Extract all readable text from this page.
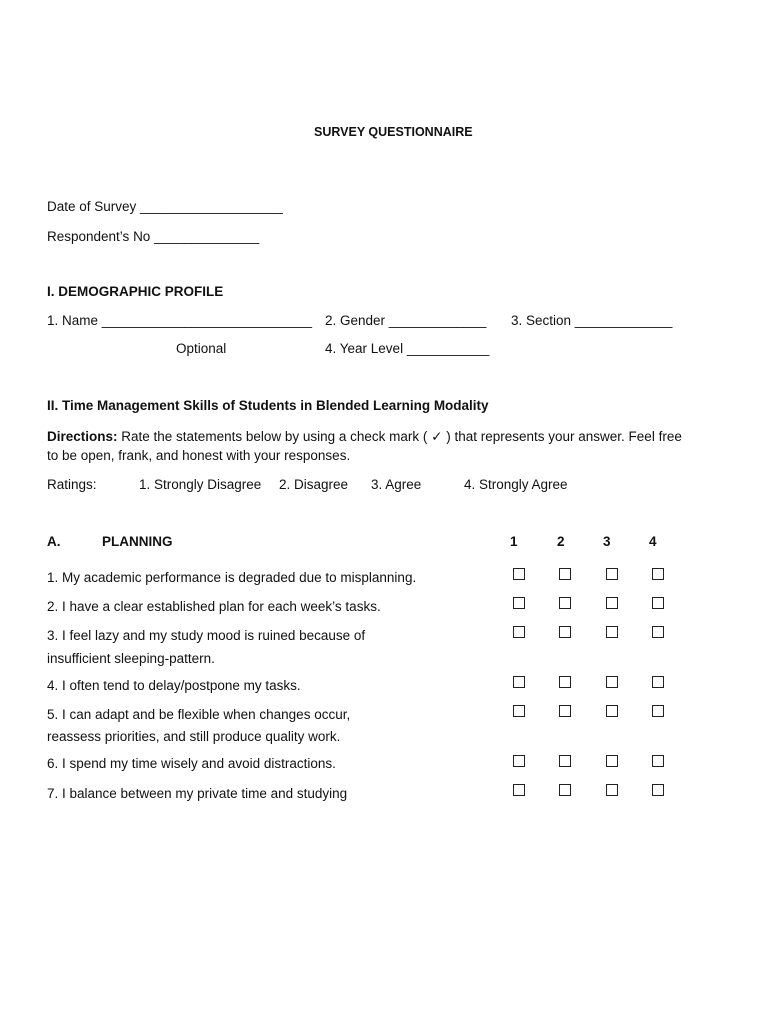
SURVEY QUESTIONNAIRE
Date of Survey ___________________
Respondent’s No ______________
I. DEMOGRAPHIC PROFILE
1. Name ____________________________ 2. Gender _____________ 3. Section _____________
Optional	4. Year Level ___________
II. Time Management Skills of Students in Blended Learning Modality
Directions: Rate the statements below by using a check mark ( ✓ ) that represents your answer. Feel free
to be open, frank, and honest with your responses.
Ratings:	1. Strongly Disagree 2. Disagree 3. Agree	4. Strongly Agree
A.	PLANNING	1	2	3	4
1. My academic performance is degraded due to misplanning.
2. I have a clear established plan for each week’s tasks.
3. I feel lazy and my study mood is ruined because of
insufficient sleeping-pattern.
4. I often tend to delay/postpone my tasks.
5. I can adapt and be flexible when changes occur,
reassess priorities, and still produce quality work.
6. I spend my time wisely and avoid distractions.
7. I balance between my private time and studying
